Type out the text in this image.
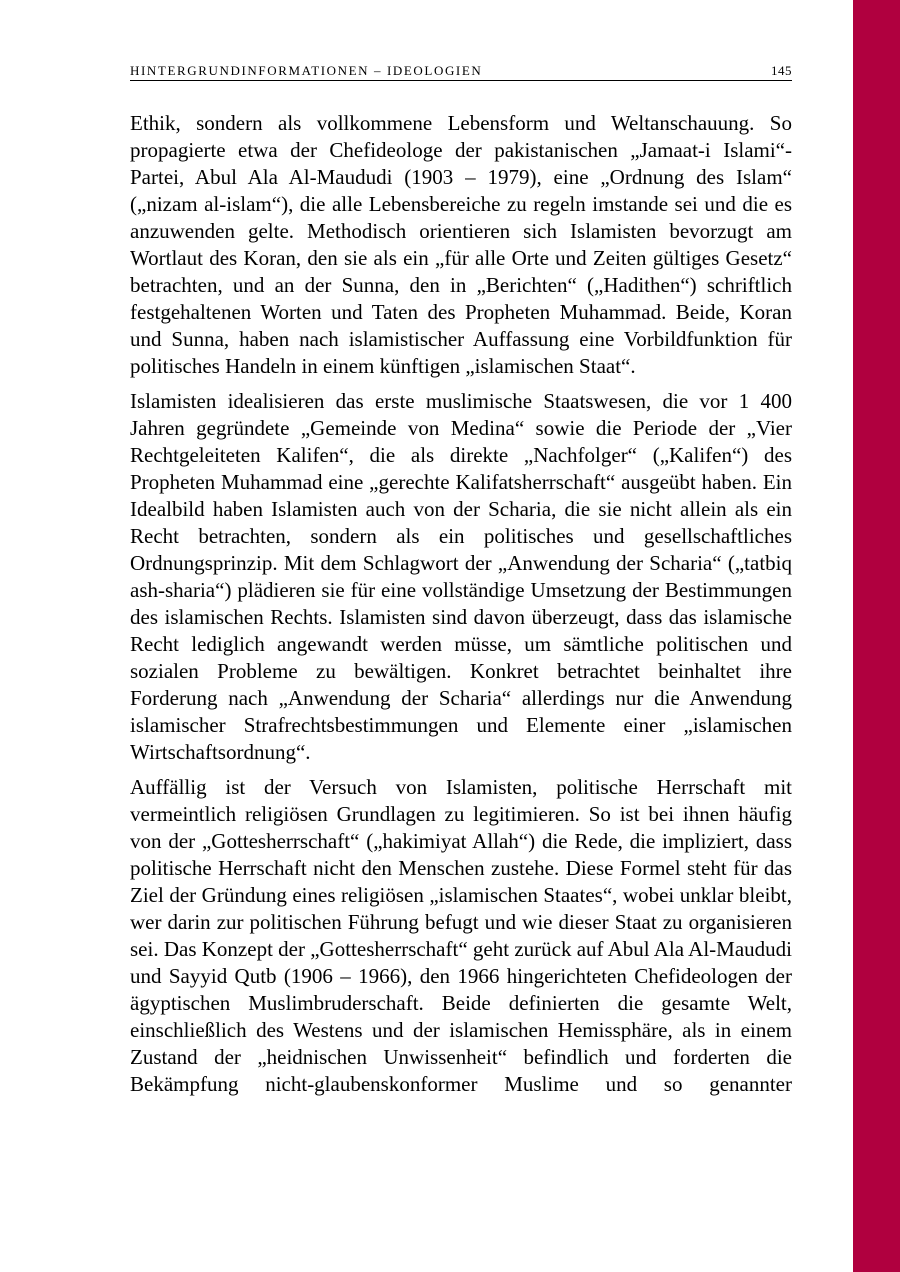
HINTERGRUNDINFORMATIONEN – IDEOLOGIEN	145

Ethik, sondern als vollkommene Lebensform und Weltanschauung. So propagierte etwa der Chefideologe der pakistanischen „Jamaat-i Islami“-Partei, Abul Ala Al-Maududi (1903 – 1979), eine „Ordnung des Islam“ („nizam al-islam“), die alle Lebensbereiche zu regeln imstande sei und die es anzuwenden gelte. Methodisch orientieren sich Islamisten bevorzugt am Wortlaut des Koran, den sie als ein „für alle Orte und Zeiten gültiges Gesetz“ betrachten, und an der Sunna, den in „Berichten“ („Hadithen“) schriftlich festgehaltenen Worten und Taten des Propheten Muhammad. Beide, Koran und Sunna, haben nach islamistischer Auffassung eine Vorbildfunktion für politisches Handeln in einem künftigen „islamischen Staat“.

Islamisten idealisieren das erste muslimische Staatswesen, die vor 1 400 Jahren gegründete „Gemeinde von Medina“ sowie die Periode der „Vier Rechtgeleiteten Kalifen“, die als direkte „Nachfolger“ („Kalifen“) des Propheten Muhammad eine „gerechte Kalifatsherrschaft“ ausgeübt haben. Ein Idealbild haben Islamisten auch von der Scharia, die sie nicht allein als ein Recht betrachten, sondern als ein politisches und gesellschaftliches Ordnungsprinzip. Mit dem Schlagwort der „Anwendung der Scharia“ („tatbiq ash-sharia“) plädieren sie für eine vollständige Umsetzung der Bestimmungen des islamischen Rechts. Islamisten sind davon überzeugt, dass das islamische Recht lediglich angewandt werden müsse, um sämtliche politischen und sozialen Probleme zu bewältigen. Konkret betrachtet beinhaltet ihre Forderung nach „Anwendung der Scharia“ allerdings nur die Anwendung islamischer Strafrechtsbestimmungen und Elemente einer „islamischen Wirtschaftsordnung“.

Auffällig ist der Versuch von Islamisten, politische Herrschaft mit vermeintlich religiösen Grundlagen zu legitimieren. So ist bei ihnen häufig von der „Gottesherrschaft“ („hakimiyat Allah“) die Rede, die impliziert, dass politische Herrschaft nicht den Menschen zustehe. Diese Formel steht für das Ziel der Gründung eines religiösen „islamischen Staates“, wobei unklar bleibt, wer darin zur politischen Führung befugt und wie dieser Staat zu organisieren sei. Das Konzept der „Gottesherrschaft“ geht zurück auf Abul Ala Al-Maududi und Sayyid Qutb (1906 – 1966), den 1966 hingerichteten Chefideologen der ägyptischen Muslimbruderschaft. Beide definierten die gesamte Welt, einschließlich des Westens und der islamischen Hemissphäre, als in einem Zustand der „heidnischen Unwissenheit“ befindlich und forderten die Bekämpfung nicht-glaubenskonformer Muslime und so genannter
